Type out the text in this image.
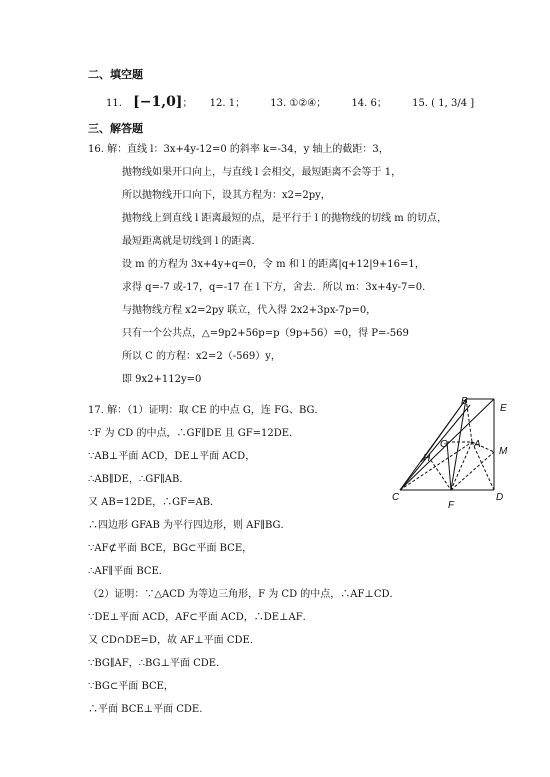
二、填空题
11. [−1,0]； 12. 1；	13. ①②④；	14. 6；	15. ( 1, 3/4 ]
三、解答题
16. 解：直线 l：3x+4y-12=0 的斜率 k=-34，y 轴上的截距：3，
抛物线如果开口向上，与直线 l 会相交，最短距离不会等于 1，
所以抛物线开口向下，设其方程为：x2=2py，
抛物线上到直线 l 距离最短的点，是平行于 l 的抛物线的切线 m 的切点，
最短距离就是切线到 l 的距离．
设 m 的方程为 3x+4y+q=0，令 m 和 l 的距离|q+12|9+16=1，
求得 q=-7 或-17，q=-17 在 l 下方，舍去．所以 m：3x+4y-7=0．
与抛物线方程 x2=2py 联立，代入得 2x2+3px-7p=0，
只有一个公共点，△=9p2+56p=p（9p+56）=0，得 P=-569
所以 C 的方程：x2=2（-569）y，
即 9x2+112y=0
17. 解：（1）证明：取 CE 的中点 G，连 FG、BG．
∵F 为 CD 的中点，∴GF∥DE 且 GF=12DE．
∵AB⊥平面 ACD，DE⊥平面 ACD，
∴AB∥DE，∴GF∥AB．
又 AB=12DE，∴GF=AB．
∴四边形 GFAB 为平行四边形，则 AF∥BG．
∵AF⊄平面 BCE，BG⊂平面 BCE，
∴AF∥平面 BCE．
（2）证明：∵△ACD 为等边三角形，F 为 CD 的中点，∴AF⊥CD．
∵DE⊥平面 ACD，AF⊂平面 ACD，∴DE⊥AF．
又 CD∩DE=D，故 AF⊥平面 CDE．
∵BG∥AF，∴BG⊥平面 CDE．
∵BG⊂平面 BCE，
∴平面 BCE⊥平面 CDE.
B
E
G	A
M
H
C
F
D
